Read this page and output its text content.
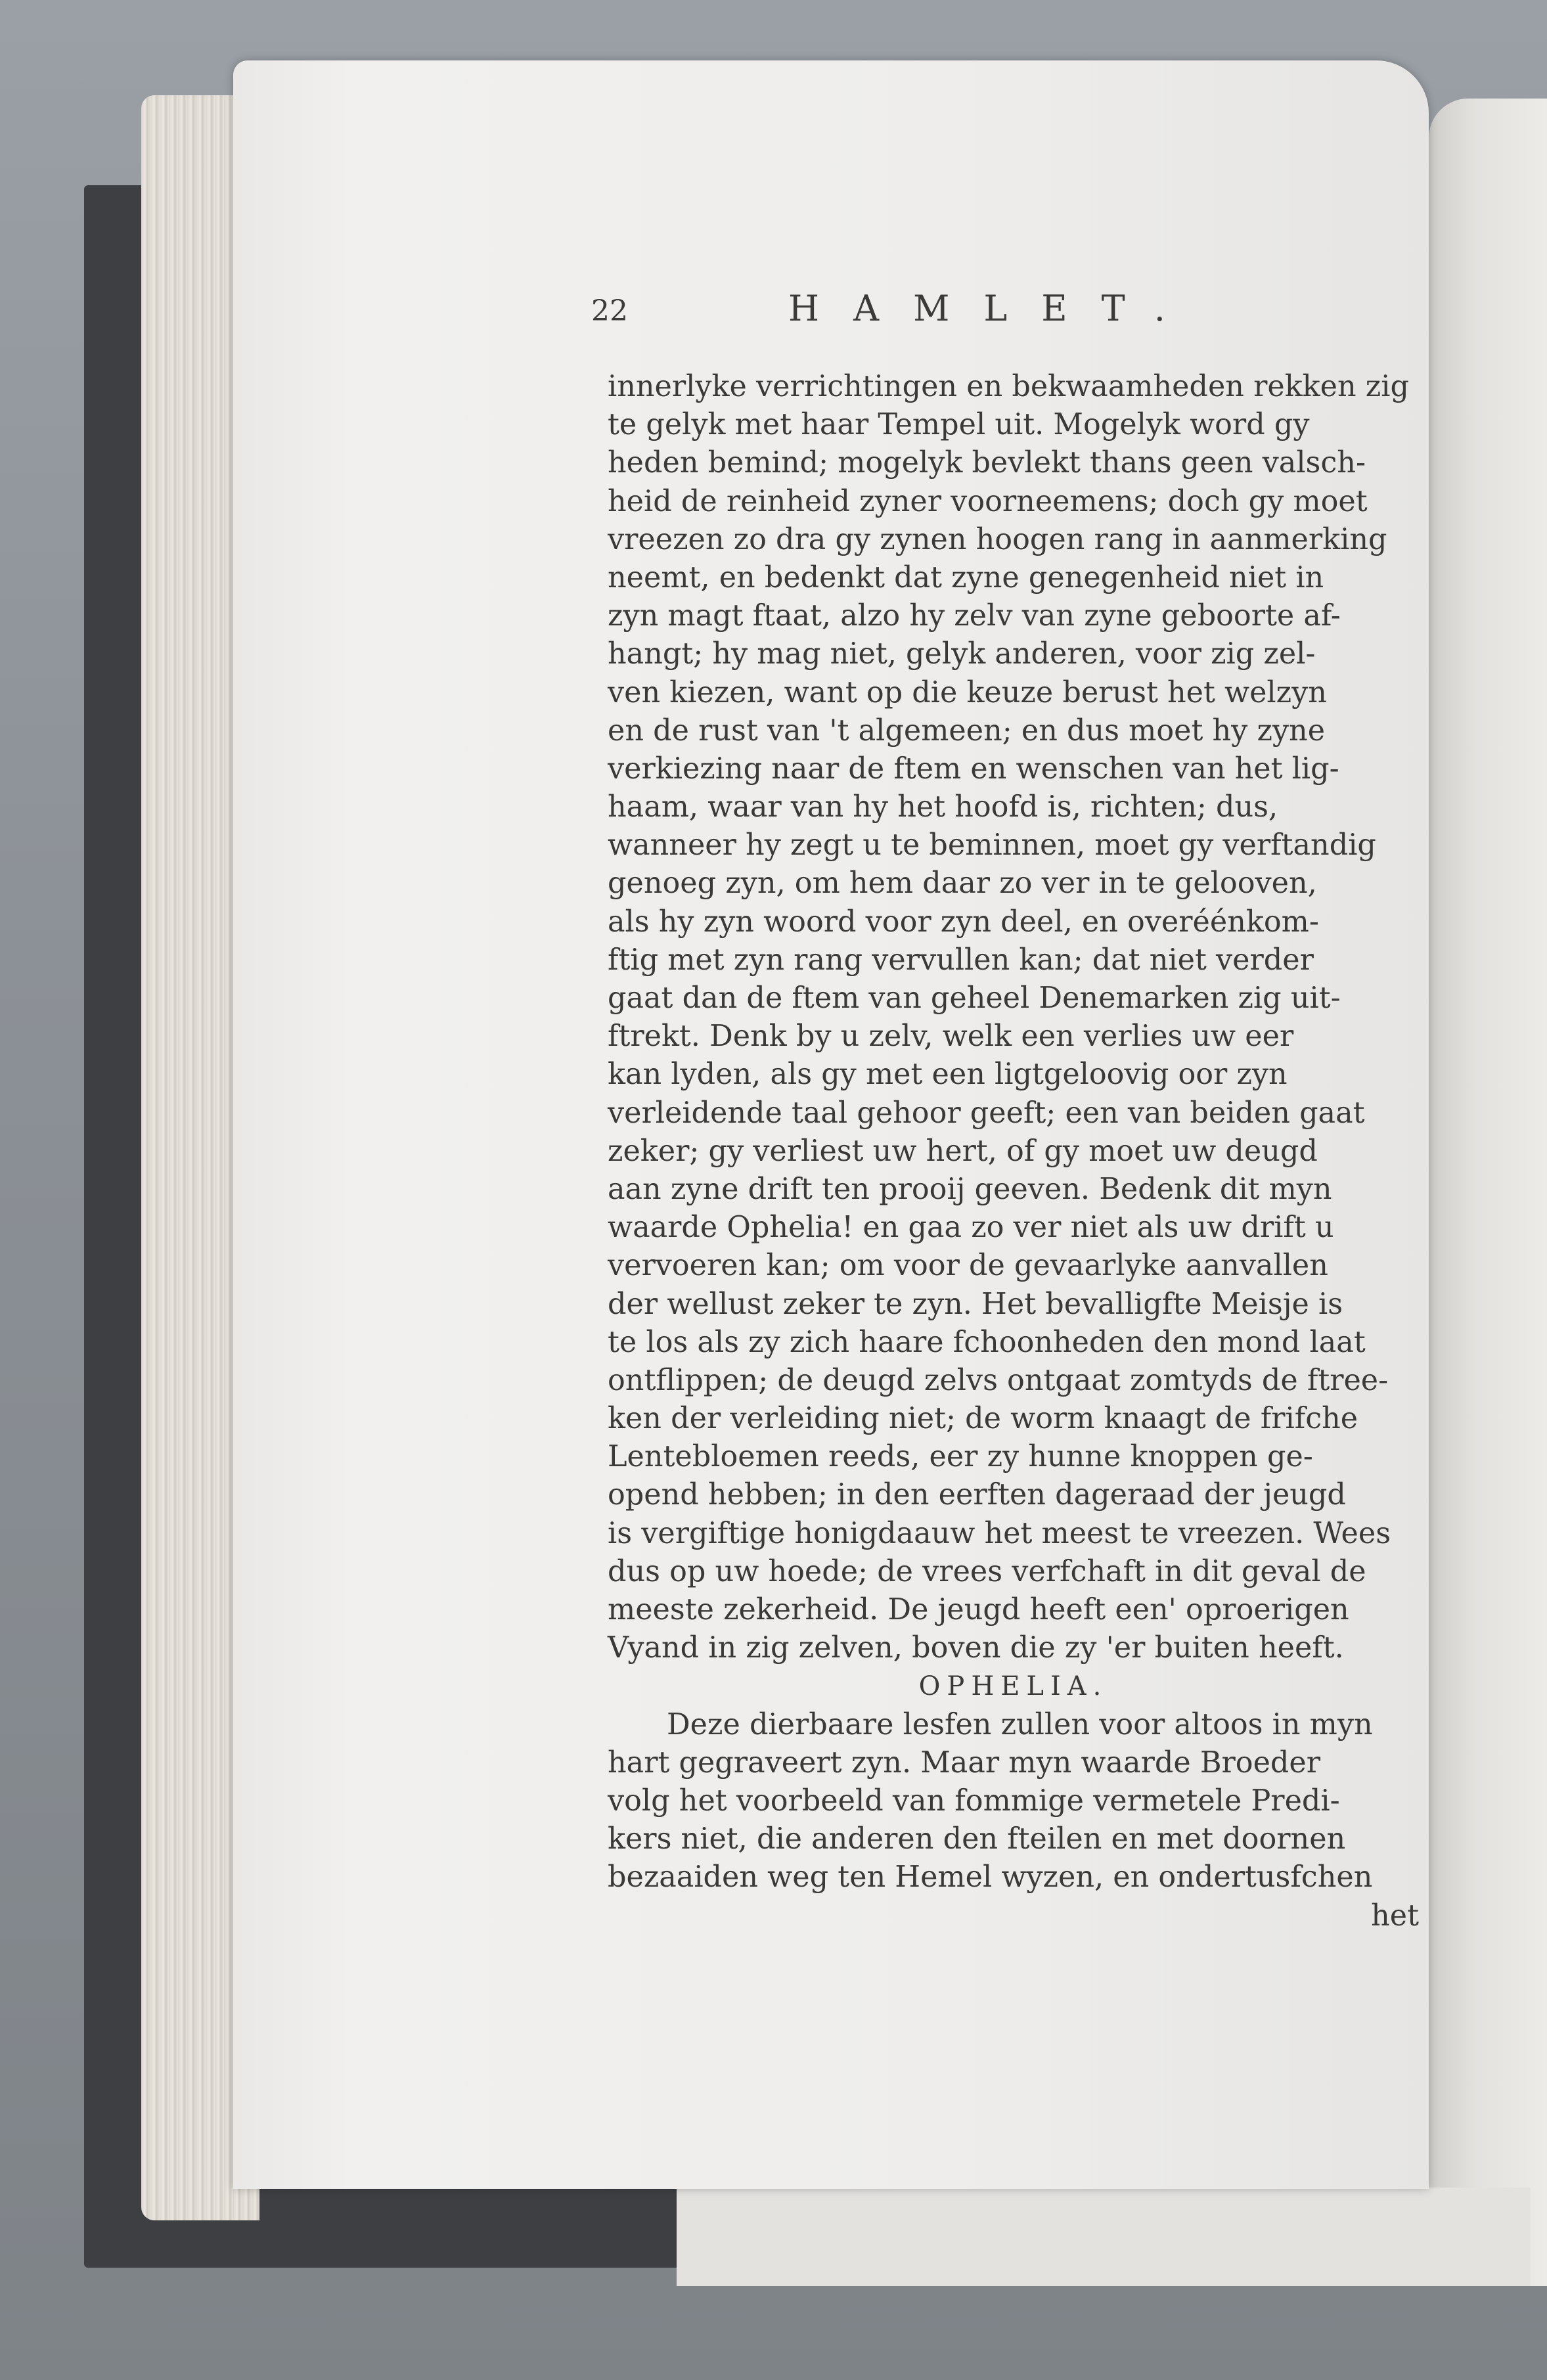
22	HAMLET.
innerlyke verrichtingen en bekwaamheden rekken zig
te gelyk met haar Tempel uit. Mogelyk word gy
heden bemind; mogelyk bevlekt thans geen valsch-
heid de reinheid zyner voorneemens; doch gy moet
vreezen zo dra gy zynen hoogen rang in aanmerking
neemt, en bedenkt dat zyne genegenheid niet in
zyn magt ftaat, alzo hy zelv van zyne geboorte af-
hangt; hy mag niet, gelyk anderen, voor zig zel-
ven kiezen, want op die keuze berust het welzyn
en de rust van 't algemeen; en dus moet hy zyne
verkiezing naar de ftem en wenschen van het lig-
haam, waar van hy het hoofd is, richten; dus,
wanneer hy zegt u te beminnen, moet gy verftandig
genoeg zyn, om hem daar zo ver in te gelooven,
als hy zyn woord voor zyn deel, en overéénkom-
ftig met zyn rang vervullen kan; dat niet verder
gaat dan de ftem van geheel Denemarken zig uit-
ftrekt. Denk by u zelv, welk een verlies uw eer
kan lyden, als gy met een ligtgeloovig oor zyn
verleidende taal gehoor geeft; een van beiden gaat
zeker; gy verliest uw hert, of gy moet uw deugd
aan zyne drift ten prooij geeven. Bedenk dit myn
waarde Ophelia! en gaa zo ver niet als uw drift u
vervoeren kan; om voor de gevaarlyke aanvallen
der wellust zeker te zyn. Het bevalligfte Meisje is
te los als zy zich haare fchoonheden den mond laat
ontflippen; de deugd zelvs ontgaat zomtyds de ftree-
ken der verleiding niet; de worm knaagt de frifche
Lentebloemen reeds, eer zy hunne knoppen ge-
opend hebben; in den eerften dageraad der jeugd
is vergiftige honigdaauw het meest te vreezen. Wees
dus op uw hoede; de vrees verfchaft in dit geval de
meeste zekerheid. De jeugd heeft een' oproerigen
Vyand in zig zelven, boven die zy 'er buiten heeft.
OPHELIA.
Deze dierbaare lesfen zullen voor altoos in myn
hart gegraveert zyn. Maar myn waarde Broeder
volg het voorbeeld van fommige vermetele Predi-
kers niet, die anderen den fteilen en met doornen
bezaaiden weg ten Hemel wyzen, en ondertusfchen
het
